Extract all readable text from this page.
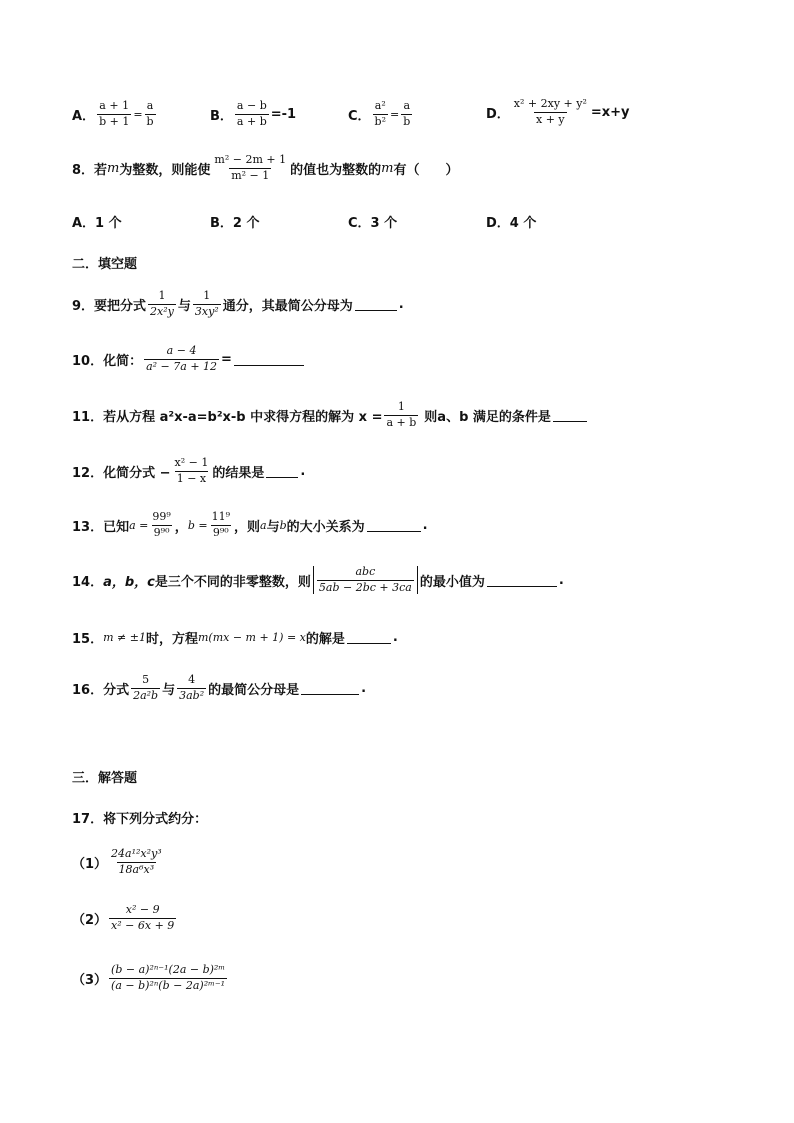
A． $\frac{a + 1}{b + 1} = \frac{a}{b}$	B． $\frac{a - b}{a + b} =-1$	C． $\frac{\text{a²}}{\text{b²}} = \frac{a}{b}$	D． $\frac{\text{x² + 2xy + y²}}{x + y} =x+y$
8．若 m 为整数，则能使 $\frac{\text{m² − 2m + 1}}{\text{m² − 1}}$ 的值也为整数的 m 有（　　）
A．1 个	B．2 个	C．3 个	D．4 个
二．填空题
9．要把分式 $\frac{1}{\text{2x²y}}$ 与 $\frac{1}{\text{3xy²}}$ 通分，其最简公分母为	.
10．化简： $\frac{a - 4}{\text{a² − 7a + 12}}$ =
11．若从方程 a²x-a=b²x-b 中求得方程的解为 $x = \frac{1}{a + b}$ 则a、b 满足的条件是
12．化简分式 − $\frac{\text{x² − 1}}{1 - x}$ 的结果是	.
13．已知 $a = \frac{\text{99⁹}}{\text{9⁹⁰}}$ ， $b = \frac{\text{11⁹}}{\text{9⁹⁰}}$ ，则 a 与 b 的大小关系为	.
14． a，b，c 是三个不同的非零整数，则 $\frac{\text{abc}}{5ab - 2bc + 3ca}$ 的最小值为	.
15． m ≠ ±1 时，方程 m(mx − m + 1) = x 的解是	.
16．分式 $\frac{5}{\text{2a²b}}$ 与 $\frac{4}{\text{3ab²}}$ 的最简公分母是	.
三．解答题
17．将下列分式约分：
$(1) \frac{\text{24a¹²x²y³}}{\text{18a⁶x³}}$
$(2) \frac{\text{x² − 9}}{\text{x² − 6x + 9}}$
$(3) \frac{\text{(b − a)²ⁿ⁻¹(2a − b)²ᵐ}}{\text{(a − b)²ⁿ(b − 2a)²ᵐ⁻¹}}$
